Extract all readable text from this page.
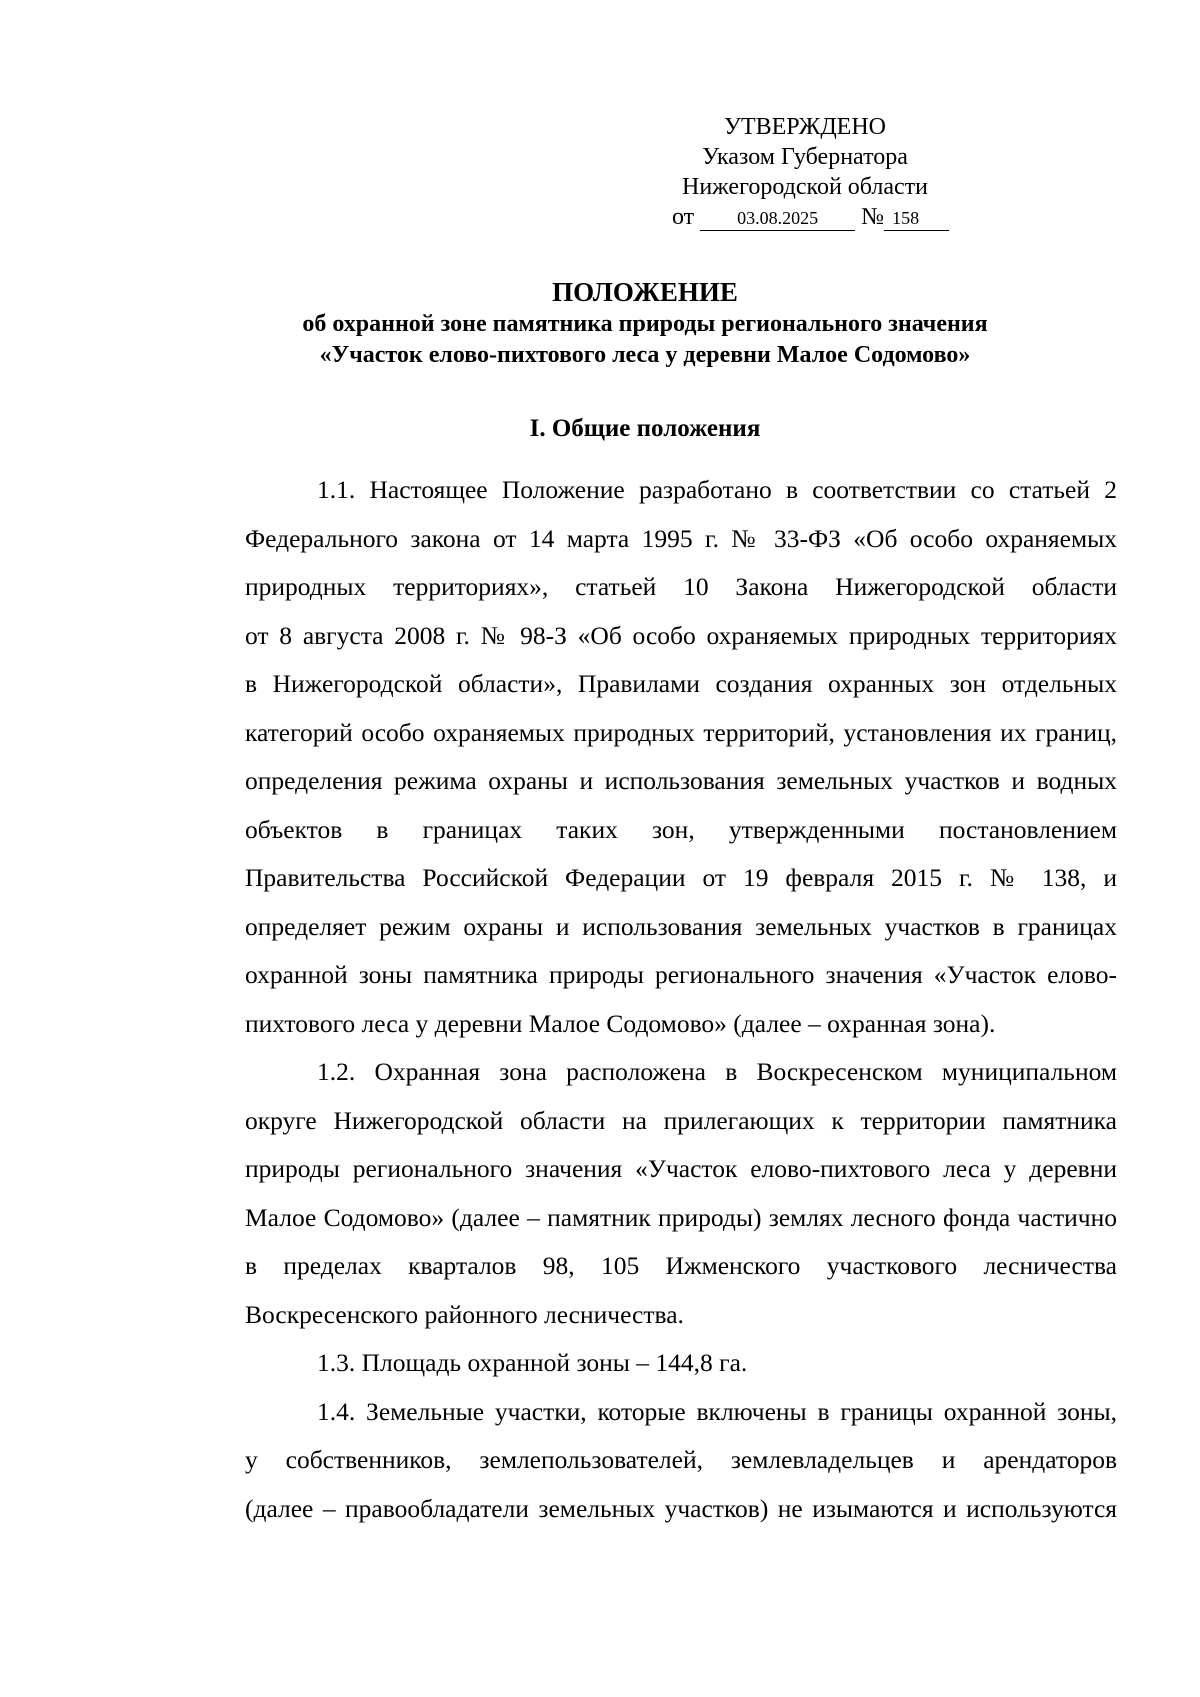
УТВЕРЖДЕНО
Указом Губернатора
Нижегородской области
от 03.08.2025 № 158
ПОЛОЖЕНИЕ
об охранной зоне памятника природы регионального значения
«Участок елово-пихтового леса у деревни Малое Содомово»
I. Общие положения
1.1. Настоящее Положение разработано в соответствии со статьей 2
Федерального закона от 14 марта 1995 г. № 33-ФЗ «Об особо охраняемых
природных территориях», статьей 10 Закона Нижегородской области
от 8 августа 2008 г. № 98-З «Об особо охраняемых природных территориях
в Нижегородской области», Правилами создания охранных зон отдельных
категорий особо охраняемых природных территорий, установления их границ,
определения режима охраны и использования земельных участков и водных
объектов в границах таких зон, утвержденными постановлением
Правительства Российской Федерации от 19 февраля 2015 г. № 138, и
определяет режим охраны и использования земельных участков в границах
охранной зоны памятника природы регионального значения «Участок елово-
пихтового леса у деревни Малое Содомово» (далее – охранная зона).
1.2. Охранная зона расположена в Воскресенском муниципальном
округе Нижегородской области на прилегающих к территории памятника
природы регионального значения «Участок елово-пихтового леса у деревни
Малое Содомово» (далее – памятник природы) землях лесного фонда частично
в пределах кварталов 98, 105 Ижменского участкового лесничества
Воскресенского районного лесничества.
1.3. Площадь охранной зоны – 144,8 га.
1.4. Земельные участки, которые включены в границы охранной зоны,
у собственников, землепользователей, землевладельцев и арендаторов
(далее – правообладатели земельных участков) не изымаются и используются
